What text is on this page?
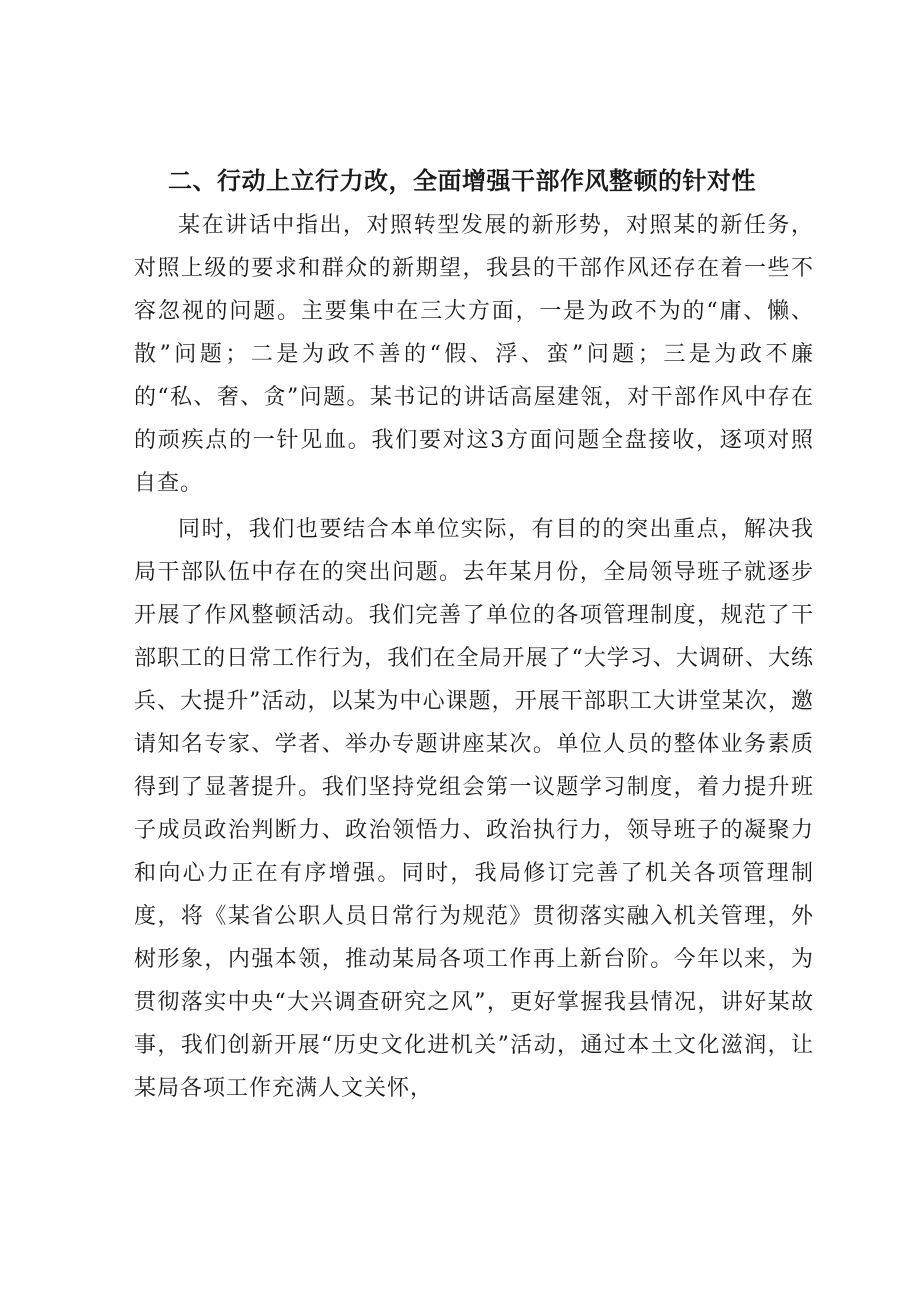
二、行动上立行力改，全面增强干部作风整顿的针对性

某在讲话中指出，对照转型发展的新形势，对照某的新任务，对照上级的要求和群众的新期望，我县的干部作风还存在着一些不容忽视的问题。主要集中在三大方面，一是为政不为的“庸、懒、散”问题；二是为政不善的“假、浮、蛮”问题；三是为政不廉的“私、奢、贪”问题。某书记的讲话高屋建瓴，对干部作风中存在的顽疾点的一针见血。我们要对这3方面问题全盘接收，逐项对照自查。

同时，我们也要结合本单位实际，有目的的突出重点，解决我局干部队伍中存在的突出问题。去年某月份，全局领导班子就逐步开展了作风整顿活动。我们完善了单位的各项管理制度，规范了干部职工的日常工作行为，我们在全局开展了“大学习、大调研、大练兵、大提升”活动，以某为中心课题，开展干部职工大讲堂某次，邀请知名专家、学者、举办专题讲座某次。单位人员的整体业务素质得到了显著提升。我们坚持党组会第一议题学习制度，着力提升班子成员政治判断力、政治领悟力、政治执行力，领导班子的凝聚力和向心力正在有序增强。同时，我局修订完善了机关各项管理制度，将《某省公职人员日常行为规范》贯彻落实融入机关管理，外树形象，内强本领，推动某局各项工作再上新台阶。今年以来，为贯彻落实中央“大兴调查研究之风”，更好掌握我县情况，讲好某故事，我们创新开展“历史文化进机关”活动，通过本土文化滋润，让某局各项工作充满人文关怀，
